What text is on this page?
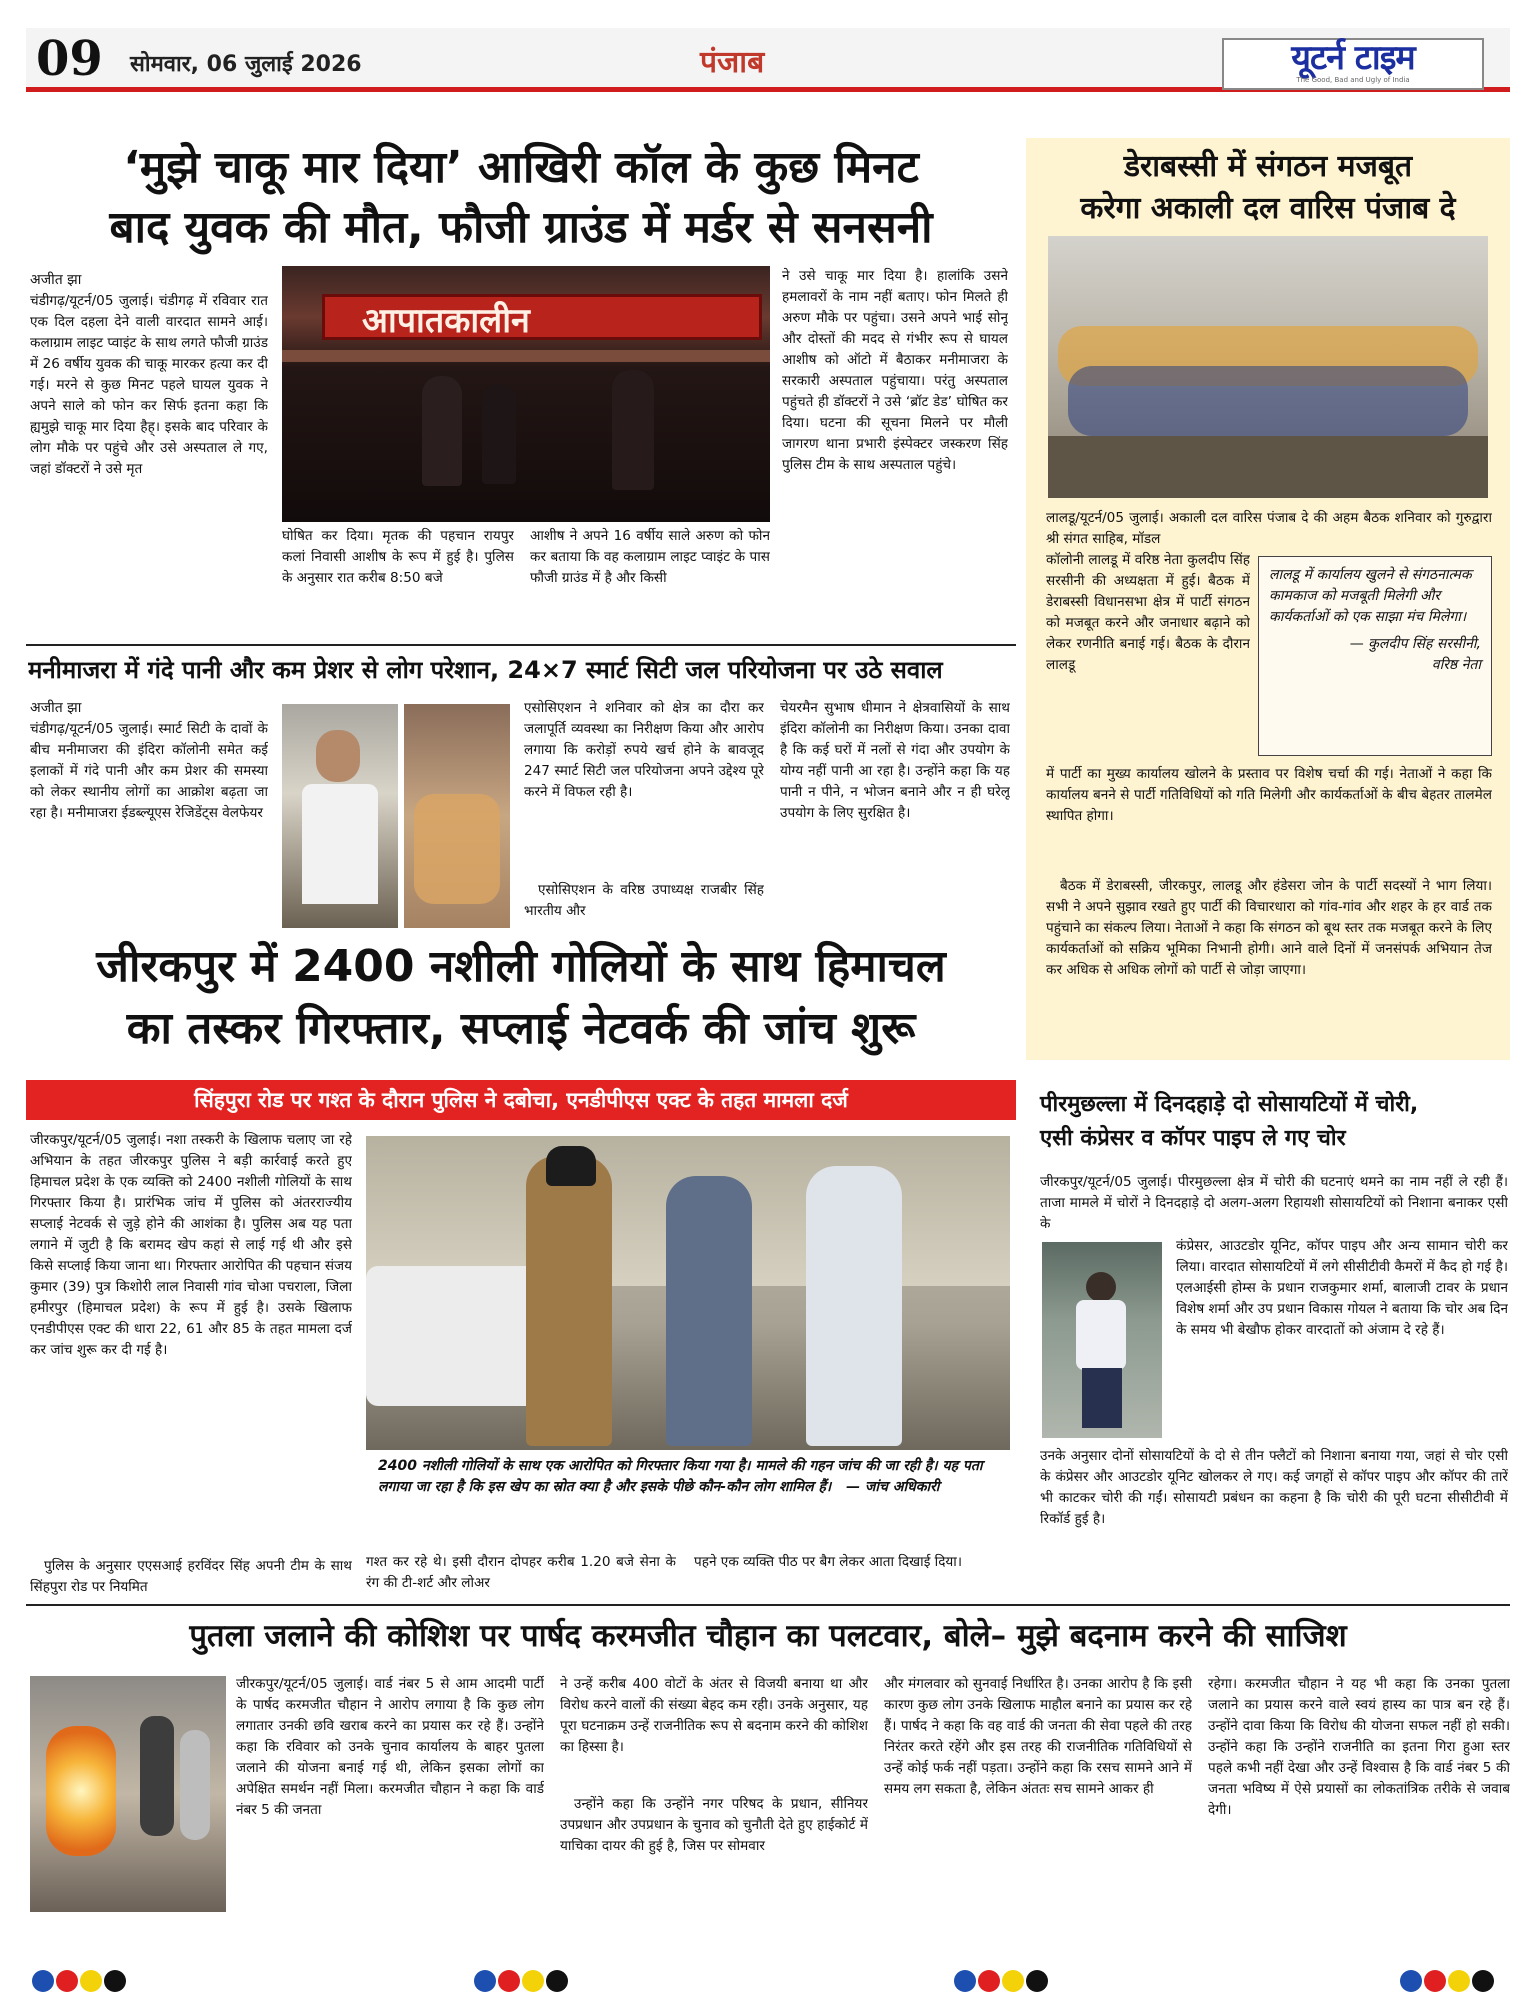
09 सोमवार, 06 जुलाई 2026	पंजाब	यूटर्न टाइम
The Good, Bad and Ugly of India
‘मुझे चाकू मार दिया’ आखिरी कॉल के कुछ मिनट
बाद युवक की मौत, फौजी ग्राउंड में मर्डर से सनसनी
अजीत झा
चंडीगढ़/यूटर्न/05 जुलाई। चंडीगढ़ में रविवार रात एक दिल दहला देने वाली वारदात सामने आई। कलाग्राम लाइट प्वाइंट के साथ लगते फौजी ग्राउंड में 26 वर्षीय युवक की चाकू मारकर हत्या कर दी गई। मरने से कुछ मिनट पहले घायल युवक ने अपने साले को फोन कर सिर्फ इतना कहा कि ह्यमुझे चाकू मार दिया हैह्। इसके बाद परिवार के लोग मौके पर पहुंचे और उसे अस्पताल ले गए, जहां डॉक्टरों ने उसे मृत
आपातकालीन
घोषित कर दिया। मृतक की पहचान रायपुर कलां निवासी आशीष के रूप में हुई है। पुलिस के अनुसार रात करीब 8:50 बजे
आशीष ने अपने 16 वर्षीय साले अरुण को फोन कर बताया कि वह कलाग्राम लाइट प्वाइंट के पास फौजी ग्राउंड में है और किसी
ने उसे चाकू मार दिया है। हालांकि उसने हमलावरों के नाम नहीं बताए। फोन मिलते ही अरुण मौके पर पहुंचा। उसने अपने भाई सोनू और दोस्तों की मदद से गंभीर रूप से घायल आशीष को ऑटो में बैठाकर मनीमाजरा के सरकारी अस्पताल पहुंचाया। परंतु अस्पताल पहुंचते ही डॉक्टरों ने उसे ‘ब्रॉट डेड’ घोषित कर दिया। घटना की सूचना मिलने पर मौली जागरण थाना प्रभारी इंस्पेक्टर जस्करण सिंह पुलिस टीम के साथ अस्पताल पहुंचे।
मनीमाजरा में गंदे पानी और कम प्रेशर से लोग परेशान, 24×7 स्मार्ट सिटी जल परियोजना पर उठे सवाल
अजीत झा
चंडीगढ़/यूटर्न/05 जुलाई। स्मार्ट सिटी के दावों के बीच मनीमाजरा की इंदिरा कॉलोनी समेत कई इलाकों में गंदे पानी और कम प्रेशर की समस्या को लेकर स्थानीय लोगों का आक्रोश बढ़ता जा रहा है। मनीमाजरा ईडब्ल्यूएस रेजिडेंट्स वेलफेयर
एसोसिएशन ने शनिवार को क्षेत्र का दौरा कर जलापूर्ति व्यवस्था का निरीक्षण किया और आरोप लगाया कि करोड़ों रुपये खर्च होने के बावजूद 247 स्मार्ट सिटी जल परियोजना अपने उद्देश्य पूरे करने में विफल रही है।
एसोसिएशन के वरिष्ठ उपाध्यक्ष राजबीर सिंह भारतीय और
चेयरमैन सुभाष धीमान ने क्षेत्रवासियों के साथ इंदिरा कॉलोनी का निरीक्षण किया। उनका दावा है कि कई घरों में नलों से गंदा और उपयोग के योग्य नहीं पानी आ रहा है। उन्होंने कहा कि यह पानी न पीने, न भोजन बनाने और न ही घरेलू उपयोग के लिए सुरक्षित है।
जीरकपुर में 2400 नशीली गोलियों के साथ हिमाचल
का तस्कर गिरफ्तार, सप्लाई नेटवर्क की जांच शुरू
सिंहपुरा रोड पर गश्त के दौरान पुलिस ने दबोचा, एनडीपीएस एक्ट के तहत मामला दर्ज
जीरकपुर/यूटर्न/05 जुलाई। नशा तस्करी के खिलाफ चलाए जा रहे अभियान के तहत जीरकपुर पुलिस ने बड़ी कार्रवाई करते हुए हिमाचल प्रदेश के एक व्यक्ति को 2400 नशीली गोलियों के साथ गिरफ्तार किया है। प्रारंभिक जांच में पुलिस को अंतरराज्यीय सप्लाई नेटवर्क से जुड़े होने की आशंका है। पुलिस अब यह पता लगाने में जुटी है कि बरामद खेप कहां से लाई गई थी और इसे किसे सप्लाई किया जाना था। गिरफ्तार आरोपित की पहचान संजय कुमार (39) पुत्र किशोरी लाल निवासी गांव चोआ पचराला, जिला हमीरपुर (हिमाचल प्रदेश) के रूप में हुई है। उसके खिलाफ एनडीपीएस एक्ट की धारा 22, 61 और 85 के तहत मामला दर्ज कर जांच शुरू कर दी गई है।
पुलिस के अनुसार एएसआई हरविंदर सिंह अपनी टीम के साथ सिंहपुरा रोड पर नियमित
2400 नशीली गोलियों के साथ एक आरोपित को गिरफ्तार किया गया है। मामले की गहन जांच की जा रही है। यह पता लगाया जा रहा है कि इस खेप का स्रोत क्या है और इसके पीछे कौन-कौन लोग शामिल हैं। — जांच अधिकारी
गश्त कर रहे थे। इसी दौरान दोपहर करीब 1.20 बजे सेना के रंग की टी-शर्ट और लोअर
पहने एक व्यक्ति पीठ पर बैग लेकर आता दिखाई दिया।
डेराबस्सी में संगठन मजबूत
करेगा अकाली दल वारिस पंजाब दे
लालडू/यूटर्न/05 जुलाई। अकाली दल वारिस पंजाब दे की अहम बैठक शनिवार को गुरुद्वारा श्री संगत साहिब, मॉडल
कॉलोनी लालडू में वरिष्ठ नेता कुलदीप सिंह सरसीनी की अध्यक्षता में हुई। बैठक में डेराबस्सी विधानसभा क्षेत्र में पार्टी संगठन को मजबूत करने और जनाधार बढ़ाने को लेकर रणनीति बनाई गई। बैठक के दौरान लालडू
लालडू में कार्यालय खुलने से संगठनात्मक कामकाज को मजबूती मिलेगी और कार्यकर्ताओं को एक साझा मंच मिलेगा।
— कुलदीप सिंह सरसीनी,
वरिष्ठ नेता
में पार्टी का मुख्य कार्यालय खोलने के प्रस्ताव पर विशेष चर्चा की गई। नेताओं ने कहा कि कार्यालय बनने से पार्टी गतिविधियों को गति मिलेगी और कार्यकर्ताओं के बीच बेहतर तालमेल स्थापित होगा।
बैठक में डेराबस्सी, जीरकपुर, लालडू और हंडेसरा जोन के पार्टी सदस्यों ने भाग लिया। सभी ने अपने सुझाव रखते हुए पार्टी की विचारधारा को गांव-गांव और शहर के हर वार्ड तक पहुंचाने का संकल्प लिया। नेताओं ने कहा कि संगठन को बूथ स्तर तक मजबूत करने के लिए कार्यकर्ताओं को सक्रिय भूमिका निभानी होगी। आने वाले दिनों में जनसंपर्क अभियान तेज कर अधिक से अधिक लोगों को पार्टी से जोड़ा जाएगा।
पीरमुछल्ला में दिनदहाड़े दो सोसायटियों में चोरी,
एसी कंप्रेसर व कॉपर पाइप ले गए चोर
जीरकपुर/यूटर्न/05 जुलाई। पीरमुछल्ला क्षेत्र में चोरी की घटनाएं थमने का नाम नहीं ले रही हैं। ताजा मामले में चोरों ने दिनदहाड़े दो अलग-अलग रिहायशी सोसायटियों को निशाना बनाकर एसी के
कंप्रेसर, आउटडोर यूनिट, कॉपर पाइप और अन्य सामान चोरी कर लिया। वारदात सोसायटियों में लगे सीसीटीवी कैमरों में कैद हो गई है। एलआईसी होम्स के प्रधान राजकुमार शर्मा, बालाजी टावर के प्रधान विशेष शर्मा और उप प्रधान विकास गोयल ने बताया कि चोर अब दिन के समय भी बेखौफ होकर वारदातों को अंजाम दे रहे हैं।
उनके अनुसार दोनों सोसायटियों के दो से तीन फ्लैटों को निशाना बनाया गया, जहां से चोर एसी के कंप्रेसर और आउटडोर यूनिट खोलकर ले गए। कई जगहों से कॉपर पाइप और कॉपर की तारें भी काटकर चोरी की गईं। सोसायटी प्रबंधन का कहना है कि चोरी की पूरी घटना सीसीटीवी में रिकॉर्ड हुई है।
पुतला जलाने की कोशिश पर पार्षद करमजीत चौहान का पलटवार, बोले– मुझे बदनाम करने की साजिश
जीरकपुर/यूटर्न/05 जुलाई। वार्ड नंबर 5 से आम आदमी पार्टी के पार्षद करमजीत चौहान ने आरोप लगाया है कि कुछ लोग लगातार उनकी छवि खराब करने का प्रयास कर रहे हैं। उन्होंने कहा कि रविवार को उनके चुनाव कार्यालय के बाहर पुतला जलाने की योजना बनाई गई थी, लेकिन इसका लोगों का अपेक्षित समर्थन नहीं मिला। करमजीत चौहान ने कहा कि वार्ड नंबर 5 की जनता
ने उन्हें करीब 400 वोटों के अंतर से विजयी बनाया था और विरोध करने वालों की संख्या बेहद कम रही। उनके अनुसार, यह पूरा घटनाक्रम उन्हें राजनीतिक रूप से बदनाम करने की कोशिश का हिस्सा है।
उन्होंने कहा कि उन्होंने नगर परिषद के प्रधान, सीनियर उपप्रधान और उपप्रधान के चुनाव को चुनौती देते हुए हाईकोर्ट में याचिका दायर की हुई है, जिस पर सोमवार
और मंगलवार को सुनवाई निर्धारित है। उनका आरोप है कि इसी कारण कुछ लोग उनके खिलाफ माहौल बनाने का प्रयास कर रहे हैं। पार्षद ने कहा कि वह वार्ड की जनता की सेवा पहले की तरह निरंतर करते रहेंगे और इस तरह की राजनीतिक गतिविधियों से उन्हें कोई फर्क नहीं पड़ता। उन्होंने कहा कि रसच सामने आने में समय लग सकता है, लेकिन अंततः सच सामने आकर ही
रहेगा। करमजीत चौहान ने यह भी कहा कि उनका पुतला जलाने का प्रयास करने वाले स्वयं हास्य का पात्र बन रहे हैं। उन्होंने दावा किया कि विरोध की योजना सफल नहीं हो सकी। उन्होंने कहा कि उन्होंने राजनीति का इतना गिरा हुआ स्तर पहले कभी नहीं देखा और उन्हें विश्वास है कि वार्ड नंबर 5 की जनता भविष्य में ऐसे प्रयासों का लोकतांत्रिक तरीके से जवाब देगी।
